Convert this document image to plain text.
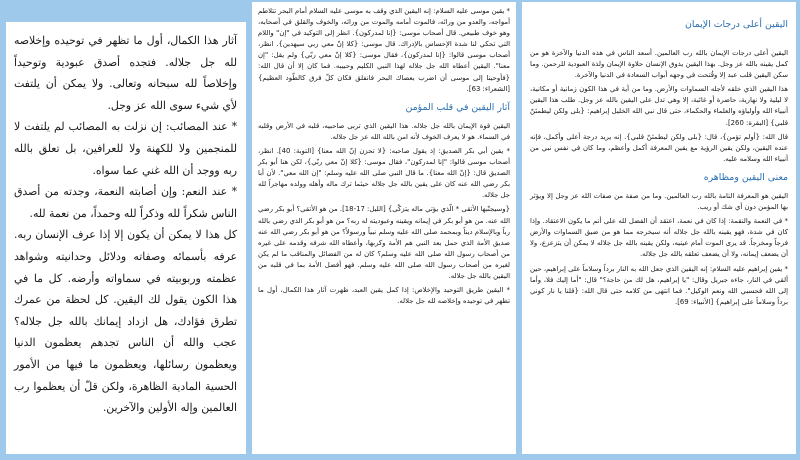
آثار هذا الكمال، أول ما تظهر في توحيده وإخلاصه لله جل جلاله. فتجده أصدق عبودية وتوحيداً وإخلاصاً لله سبحانه وتعالى. ولا يمكن أن يلتفت لأي شيء سوى الله عز وجل.

* عند المصائب: إن نزلت به المصائب لم يلتفت لا للمنجمين ولا للكهنة ولا للعرافين، بل تعلق بالله ربه ووجد أن الله غني عما سواه.

* عند النعم: وإن أصابته النعمة، وجدته من أصدق الناس شكراً لله وذكراً لله وحمداً، من نعمة لله.

كل هذا لا يمكن أن يكون إلا إذا عرف الإنسان ربه. عرفه بأسمائه وصفاته ودلائل وحدانيته وشواهد عظمته وربوبيته في سماواته وأرضه. كل ما في هذا الكون يقول لك اليقين. كل لحظة من عمرك تطرق فؤادك، هل ازداد إيمانك بالله جل جلاله؟ عجب والله أن الناس تجدهم يعظمون الدنيا ويعظمون رسائلها، ويعظمون ما فيها من الأمور الحسية المادية الظاهرة، ولكن قلّ أن يعظموا رب العالمين وإله الأولين والآخرين.

* يقين موسى عليه السلام: إنه اليقين الذي وقف به موسى عليه السلام أمام البحر تتلاطم أمواجه، والعدو من ورائه، فالموت أمامه والموت من ورائه، والخوف والقلق في أصحابه، وهو خوف طبيعي. قال أصحاب موسى: {إنا لمدركون}. انظر إلى التوكيد في "إن" واللام التي تحكي لنا شدة الإحساس بالإدراك. قال موسى: {كلا إنّ معي ربي سيهدين}. انظر، أصحاب موسى قالوا: {إنا لمدركون}، فقال موسى: {كلا إنّ معي ربّي} ولم يقل: "إن معنا". اليقين أعطاه الله جل جلاله لهذا النبي الكليم وحبيبه. فما كان إلا أن قال الله: {فأوحينا إلى موسى أن اضرب بعصاك البحر فانفلق فكان كلّ فرق كالطّود العظيم} [الشعراء: 63].

آثار اليقين في قلب المؤمن

اليقين قوة الإيمان بالله جل جلاله. هذا اليقين الذي تربى صاحبيه، قلبه في الأرض وقلبه في السماء. هو لا يعرف الخوف لأنه امن بالله الله عز جل جلاله.

* يقين أبي بكر الصديق: إذ يقول صاحبه: {لا تحزن إنّ الله معنا} [التوبة: 40]. انظر، أصحاب موسى قالوا: "إنا لمدركون"، فقال موسى: {كلا إنّ معي ربّي}، لكن هنا أبو بكر الصديق قال: {إنّ الله معنا}. ما قال النبي صلى الله عليه وسلم: "إن الله معي". لأن أبا بكر رضي الله عنه كان على يقين بالله جل جلاله حيثما ترك ماله وأهله وولده مهاجراً لله جل جلاله.

{وسيجنّبها الأتقى * الّذي يؤتي ماله يتزكّى} [الليل: 17-18]. من هو الأتقى؟ أبو بكر رضي الله عنه. من هو أبو بكر في إيمانه ويقينه وعبوديته له ربه؟ من هو أبو بكر الذي رضي بالله رباً وبالإسلام ديناً وبمحمد صلى الله عليه وسلم نبياً ورسولاً؟ من هو أبو بكر رضي الله عنه صديق الأمة الذي حمل بعد النبي هم الأمة وكربها، وأعطاه الله شرفه وقدمه على غيره من أصحاب رسول الله صلى الله عليه وسلم؟ كان له من الفضائل والمناقب ما لم يكن لغيره من أصحاب رسول الله صلى الله عليه وسلم. فهو أفضل الأمة بما في قلبه من اليقين بالله جل جلاله.

* اليقين طريق التوحيد والإخلاص: إذا كمل يقين العبد، ظهرت آثار هذا الكمال، أول ما تظهر في توحيده وإخلاصه لله جل جلاله.

اليقين أعلى درجات الإيمان

اليقين أعلى درجات الإيمان بالله رب العالمين. أسعد الناس في هذه الدنيا والآخرة هو من كمل يقينه بالله عز وجل. بهذا اليقين يذوق الإنسان حلاوة الإيمان ولذة العبودية للرحمن. وما سكن اليقين قلب عبد إلا وفُتحت في وجهه أبواب السعادة في الدنيا والآخرة.

هذا اليقين الذي خلقه لأجله السماوات والأرض. وما من آية في هذا الكون زمانية أو مكانية، لا ليلية ولا نهارية، حاضرة أو غائبة، إلا وهي تدل على اليقين بالله عز وجل. طلب هذا اليقين أنبياء الله وأولياؤه والعلماء والحكماء، حتى قال نبي الله الخليل إبراهيم: {بلى ولكن ليطمئنّ قلبي} [البقرة: 260].

قال الله: {أولم تؤمن}، قال: {بلى ولكن ليطمئنّ قلبي}. إنه يريد درجة أعلى وأكمل، فإنه عنده اليقين، ولكن يقين الرؤية مع يقين المعرفة أكمل وأعظم، وما كان في نفس نبي من أنبياء الله وسلامه عليه.

معنى اليقين ومظاهره

اليقين هو المعرفة التامة بالله رب العالمين. وما من صفة من صفات الله عز وجل إلا ويؤثر بها المؤمن دون أي شك أو ريب.

* في النعمة والنقمة: إذا كان في نعمة، اعتقد أن الفضل لله على أتم ما يكون الاعتقاد. وإذا كان في شدة، فهو يقينه بالله جل جلاله أنه سيخرجه مما هو من ضيق السماوات والأرض فرجاً ومخرجاً. قد يرى الموت أمام عينيه، ولكن يقينه بالله جل جلاله لا يمكن أن يتزعزع، ولا أن يضعف إيمانه، ولا أن يضعف تعلقه بالله جل جلاله.

* يقين إبراهيم عليه السلام: إنه اليقين الذي جعل الله به النار برداً وسلاماً على إبراهيم، حين ألقي في النار، جاءه جبريل وقال: "يا إبراهيم، هل لك من حاجة؟" قال: "أما إليك فلا، وأما إلى الله فحسبي الله ونعم الوكيل". فما انتهى من كلامه حتى قال الله: {قلنا يا نار كوني برداً وسلاماً على إبراهيم} [الأنبياء: 69].
